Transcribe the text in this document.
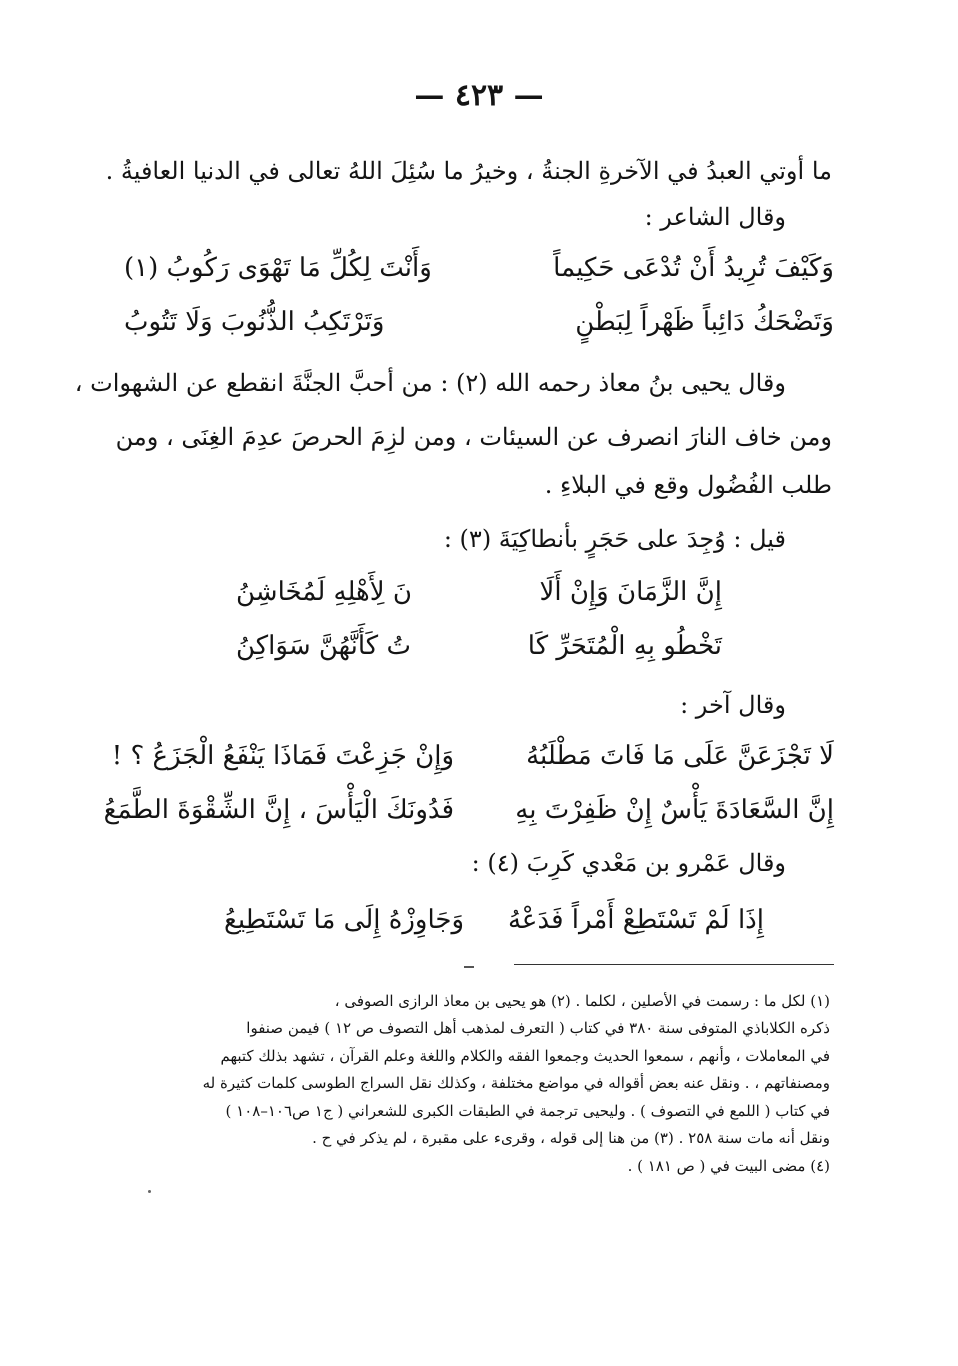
— ٤٢٣ —
ما أوتي العبدُ في الآخرةِ الجنةُ ، وخيرُ ما سُئِلَ اللهُ تعالى في الدنيا العافيةُ .
وقال الشاعر :
وَكَيْفَ تُرِيدُ أَنْ تُدْعَى حَكِيماً
وَأَنْتَ لِكُلِّ مَا تَهْوَى رَكُوبُ (١)
وَتَضْحَكُ دَائِباً ظَهْراً لِبَطْنٍ
وَتَرْتَكِبُ الذُّنُوبَ وَلَا تَتُوبُ
وقال يحيى بنُ معاذ رحمه الله (٢) : من أحبَّ الجنَّةَ انقطع عن الشهوات ،
ومن خاف النارَ انصرف عن السيئات ، ومن لزِمَ الحرصَ عدِمَ الغِنَى ، ومن
طلب الفُضُول وقع في البلاءِ .
قيل : وُجِدَ على حَجَرٍ بأنطاكِيَةَ (٣) :
إِنَّ الزَّمَانَ وَإِنْ أَلَا
نَ لِأَهْلِهِ لَمُخَاشِنُ
تَخْطُو بِهِ الْمُتَحَرِّ كَا
تُ كَأَنَّهُنَّ سَوَاكِنُ
وقال آخر :
لَا تَجْزَعَنَّ عَلَى مَا فَاتَ مَطْلَبُهُ
وَإِنْ جَزِعْتَ فَمَاذَا يَنْفَعُ الْجَزَعُ ؟ !
إِنَّ السَّعَادَةَ يَأْسٌ إِنْ ظَفِرْتَ بِهِ
فَدُونَكَ الْيَأْسَ ، إِنَّ الشِّقْوَةَ الطَّمَعُ
وقال عَمْرو بن مَعْدي كَرِبَ (٤) :
إِذَا لَمْ تَسْتَطِعْ أَمْراً فَدَعْهُ
وَجَاوِزْهُ إِلَى مَا تَسْتَطِيعُ
(١) لكل ما : رسمت في الأصلين ، لكلما . (٢) هو يحيى بن معاذ الرازى الصوفى ،
ذكره الكلاباذي المتوفى سنة ٣٨٠ في كتاب ( التعرف لمذهب أهل التصوف ص ١٢ ) فيمن صنفوا
في المعاملات ، وأنهم ، سمعوا الحديث وجمعوا الفقه والكلام واللغة وعلم القرآن ، تشهد بذلك كتبهم
ومصنفاتهم ، . ونقل عنه بعض أقواله في مواضع مختلفة ، وكذلك نقل السراج الطوسى كلمات كثيرة له
في كتاب ( اللمع في التصوف ) . وليحيى ترجمة في الطبقات الكبرى للشعراني ( ج١ ص١٠٦–١٠٨ )
ونقل أنه مات سنة ٢٥٨ . (٣) من هنا إلى قوله ، وقرىء على مقبرة ، لم يذكر في ح .
(٤) مضى البيت في ( ص ١٨١ ) .
